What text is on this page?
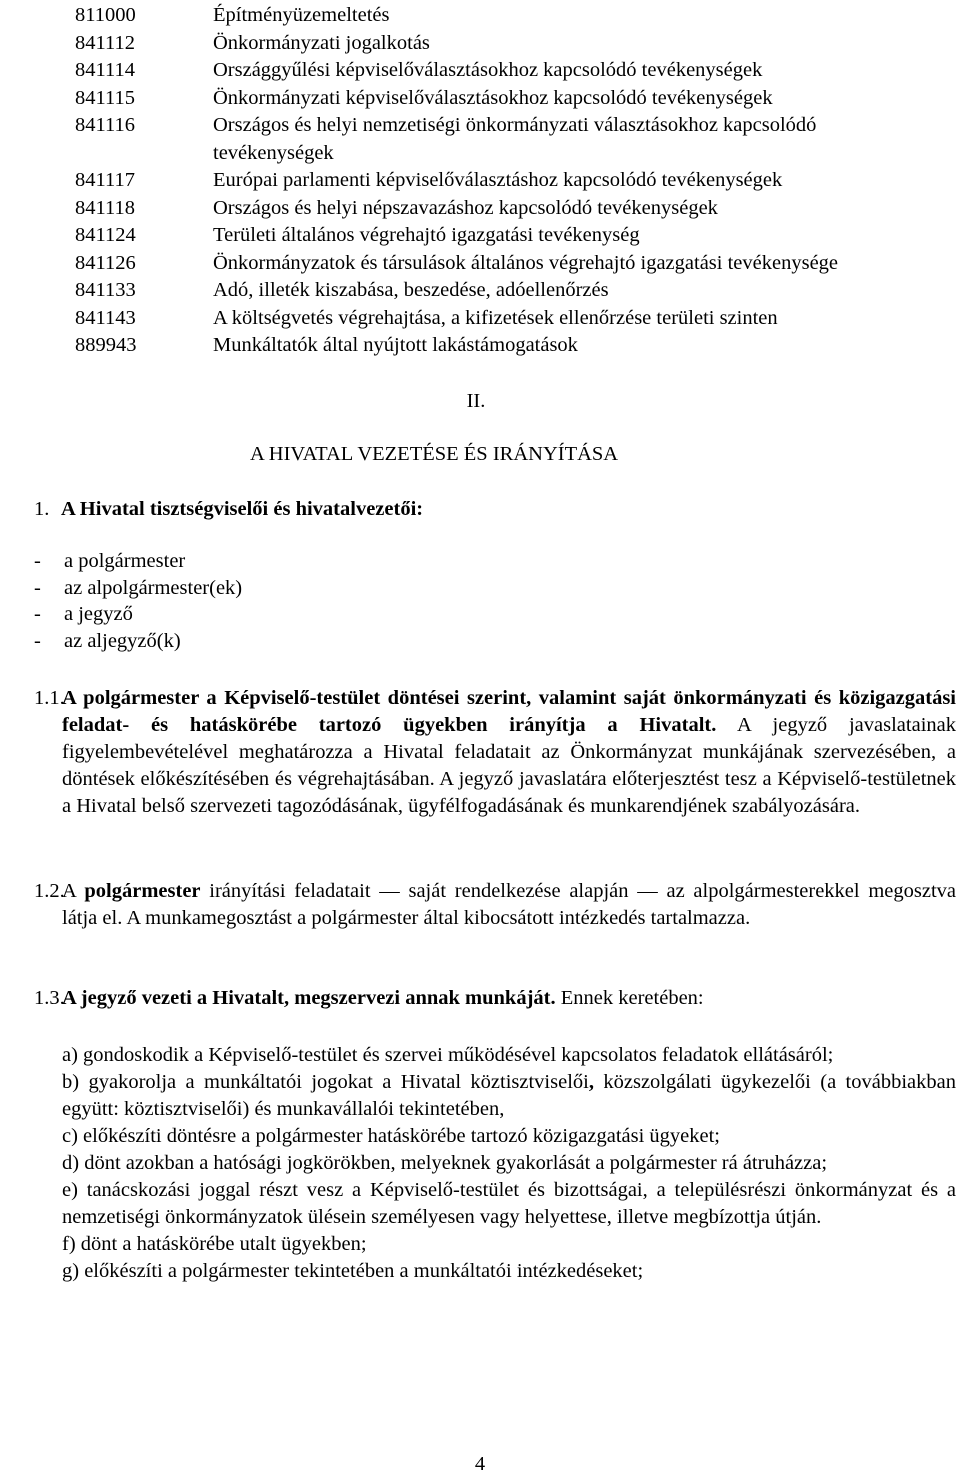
811000	Építményüzemeltetés
841112	Önkormányzati jogalkotás
841114	Országgyűlési képviselőválasztásokhoz kapcsolódó tevékenységek
841115	Önkormányzati képviselőválasztásokhoz kapcsolódó tevékenységek
841116	Országos és helyi nemzetiségi önkormányzati választásokhoz kapcsolódó tevékenységek
841117	Európai parlamenti képviselőválasztáshoz kapcsolódó tevékenységek
841118	Országos és helyi népszavazáshoz kapcsolódó tevékenységek
841124	Területi általános végrehajtó igazgatási tevékenység
841126	Önkormányzatok és társulások általános végrehajtó igazgatási tevékenysége
841133	Adó, illeték kiszabása, beszedése, adóellenőrzés
841143	A költségvetés végrehajtása, a kifizetések ellenőrzése területi szinten
889943	Munkáltatók által nyújtott lakástámogatások
II.
A HIVATAL VEZETÉSE ÉS IRÁNYÍTÁSA
1. A Hivatal tisztségviselői és hivatalvezetői:
-	a polgármester
-	az alpolgármester(ek)
-	a jegyző
-	az aljegyző(k)
1.1.
A polgármester a Képviselő-testület döntései szerint, valamint saját önkormányzati és közigazgatási feladat- és hatáskörébe tartozó ügyekben irányítja a Hivatalt. A jegyző javaslatainak figyelembevételével meghatározza a Hivatal feladatait az Önkormányzat munkájának szervezésében, a döntések előkészítésében és végrehajtásában. A jegyző javaslatára előterjesztést tesz a Képviselő-testületnek a Hivatal belső szervezeti tagozódásának, ügyfélfogadásának és munkarendjének szabályozására.
1.2.
A polgármester irányítási feladatait — saját rendelkezése alapján — az alpolgármesterekkel megosztva látja el. A munkamegosztást a polgármester által kibocsátott intézkedés tartalmazza.
1.3.
A jegyző vezeti a Hivatalt, megszervezi annak munkáját. Ennek keretében:
a) gondoskodik a Képviselő-testület és szervei működésével kapcsolatos feladatok ellátásáról;
b) gyakorolja a munkáltatói jogokat a Hivatal köztisztviselői, közszolgálati ügykezelői (a továbbiakban együtt: köztisztviselői) és munkavállalói tekintetében,
c) előkészíti döntésre a polgármester hatáskörébe tartozó közigazgatási ügyeket;
d) dönt azokban a hatósági jogkörökben, melyeknek gyakorlását a polgármester rá átruházza;
e) tanácskozási joggal részt vesz a Képviselő-testület és bizottságai, a településrészi önkormányzat és a nemzetiségi önkormányzatok ülésein személyesen vagy helyettese, illetve megbízottja útján.
f) dönt a hatáskörébe utalt ügyekben;
g) előkészíti a polgármester tekintetében a munkáltatói intézkedéseket;
4
